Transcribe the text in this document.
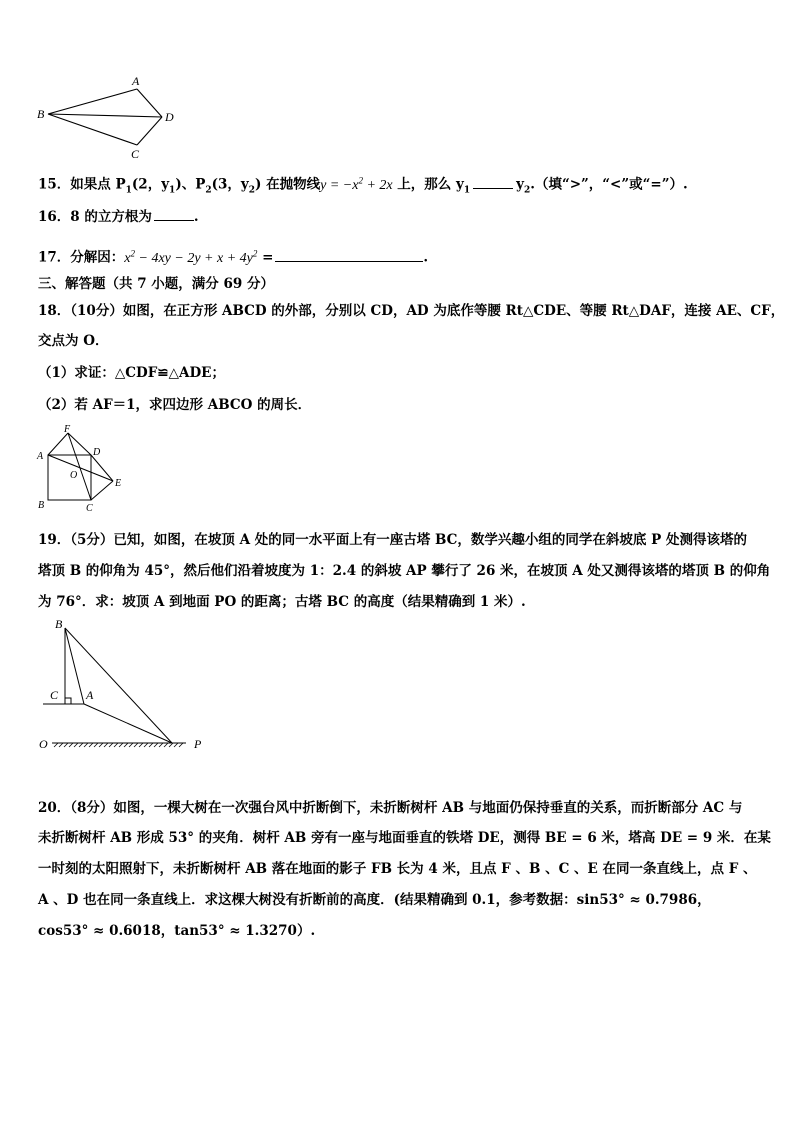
A
B
C
D
15．如果点 $P_1(2$，$y_1$)、$P_2(3$，$y_2$) 在抛物线$y = -x^2 + 2x$ 上，那么 $y_1$	$y_2$.（填“>”，“<”或“=”）.
16．8 的立方根为	.
17．分解因：$x^2 - 4xy - 2y + x + 4y^2$ =	.
三、解答题（共 7 小题，满分 69 分）
18．（10分）如图，在正方形 ABCD 的外部，分别以 CD，AD 为底作等腰 Rt△CDE、等腰 Rt△DAF，连接 AE、CF，
交点为 O．
（1）求证：△CDF≌△ADE；
（2）若 AF＝1，求四边形 ABCO 的周长．
F
A	D
O
E
B	C
19．（5分）已知，如图，在坡顶 A 处的同一水平面上有一座古塔 BC，数学兴趣小组的同学在斜坡底 P 处测得该塔的
塔顶 B 的仰角为 45°，然后他们沿着坡度为 1：2.4 的斜坡 AP 攀行了 26 米，在坡顶 A 处又测得该塔的塔顶 B 的仰角
为 76°．求：坡顶 A 到地面 PO 的距离；古塔 BC 的高度（结果精确到 1 米）.
B
C A
O	P
20．（8分）如图，一棵大树在一次强台风中折断倒下，未折断树杆 AB 与地面仍保持垂直的关系，而折断部分 AC 与
未折断树杆 AB 形成 53° 的夹角．树杆 AB 旁有一座与地面垂直的铁塔 DE，测得 BE = 6 米，塔高 DE = 9 米．在某
一时刻的太阳照射下，未折断树杆 AB 落在地面的影子 FB 长为 4 米，且点 F 、B 、C 、E 在同一条直线上，点 F 、
A 、D 也在同一条直线上．求这棵大树没有折断前的高度．(结果精确到 0.1，参考数据：sin53° ≈ 0.7986，
cos53° ≈ 0.6018，tan53° ≈ 1.3270）.
